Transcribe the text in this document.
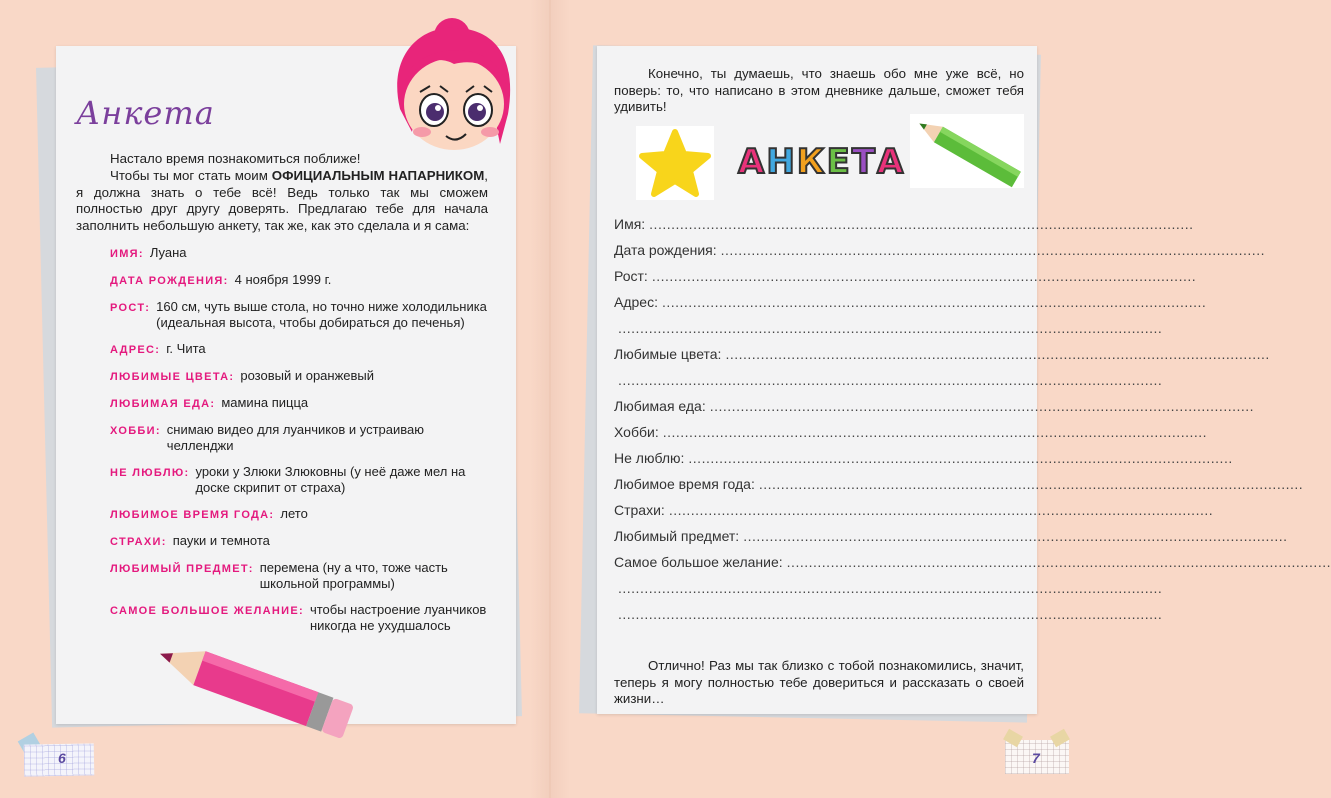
Анкета

Настало время познакомиться поближе!

Чтобы ты мог стать моим ОФИЦИАЛЬНЫМ НАПАРНИКОМ, я должна знать о тебе всё! Ведь только так мы сможем полностью друг другу доверять. Предлагаю тебе для начала заполнить небольшую анкету, так же, как это сделала и я сама:

ИМЯ: Луана
ДАТА РОЖДЕНИЯ: 4 ноября 1999 г.
РОСТ: 160 см, чуть выше стола, но точно ниже холодильника (идеальная высота, чтобы добираться до печенья)
АДРЕС: г. Чита
ЛЮБИМЫЕ ЦВЕТА: розовый и оранжевый
ЛЮБИМАЯ ЕДА: мамина пицца
ХОББИ: снимаю видео для луанчиков и устраиваю челленджи
НЕ ЛЮБЛЮ: уроки у Злюки Злюковны (у неё даже мел на доске скрипит от страха)
ЛЮБИМОЕ ВРЕМЯ ГОДА: лето
СТРАХИ: пауки и темнота
ЛЮБИМЫЙ ПРЕДМЕТ: перемена (ну а что, тоже часть школьной программы)
САМОЕ БОЛЬШОЕ ЖЕЛАНИЕ: чтобы настроение луанчиков никогда не ухудшалось
6
Конечно, ты думаешь, что знаешь обо мне уже всё, но поверь: то, что написано в этом дневнике дальше, сможет тебя удивить!
А Н К Е Т А
Имя: ............................................................................................................................
Дата рождения: ............................................................................................................................
Рост: ............................................................................................................................
Адрес: ............................................................................................................................
............................................................................................................................
Любимые цвета: ............................................................................................................................
............................................................................................................................
Любимая еда: ............................................................................................................................
Хобби: ............................................................................................................................
Не люблю: ............................................................................................................................
Любимое время года: ............................................................................................................................
Страхи: ............................................................................................................................
Любимый предмет: ............................................................................................................................
Самое большое желание: ............................................................................................................................
............................................................................................................................
............................................................................................................................
Отлично! Раз мы так близко с тобой познакомились, значит, теперь я могу полностью тебе довериться и рассказать о своей жизни…
7
